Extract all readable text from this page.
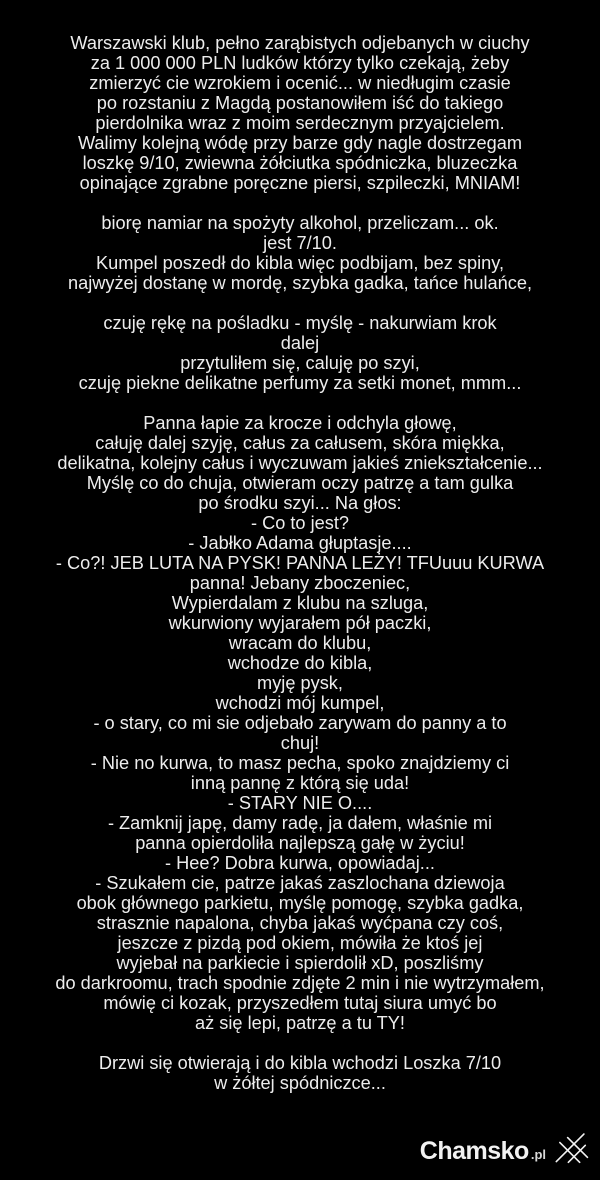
Warszawski klub, pełno zarąbistych odjebanych w ciuchy
za 1 000 000 PLN ludków którzy tylko czekają, żeby
zmierzyć cie wzrokiem i ocenić... w niedługim czasie
po rozstaniu z Magdą postanowiłem iść do takiego
pierdolnika wraz z moim serdecznym przyajcielem.
Walimy kolejną wódę przy barze gdy nagle dostrzegam
loszkę 9/10, zwiewna żółciutka spódniczka, bluzeczka
opinające zgrabne poręczne piersi, szpileczki, MNIAM!
biorę namiar na spożyty alkohol, przeliczam... ok.
jest 7/10.
Kumpel poszedł do kibla więc podbijam, bez spiny,
najwyżej dostanę w mordę, szybka gadka, tańce hulańce,
czuję rękę na pośladku - myślę - nakurwiam krok
dalej
przytuliłem się, caluję po szyi,
czuję piekne delikatne perfumy za setki monet, mmm...
Panna łapie za krocze i odchyla głowę,
całuję dalej szyję, całus za całusem, skóra miękka,
delikatna, kolejny całus i wyczuwam jakieś zniekształcenie...
Myślę co do chuja, otwieram oczy patrzę a tam gulka
po środku szyi... Na głos:
- Co to jest?
- Jabłko Adama głuptasje....
- Co?! JEB LUTA NA PYSK! PANNA LEŻY! TFUuuu KURWA
panna! Jebany zboczeniec,
Wypierdalam z klubu na szluga,
wkurwiony wyjarałem pół paczki,
wracam do klubu,
wchodze do kibla,
myję pysk,
wchodzi mój kumpel,
- o stary, co mi sie odjebało zarywam do panny a to
chuj!
- Nie no kurwa, to masz pecha, spoko znajdziemy ci
inną pannę z którą się uda!
- STARY NIE O....
- Zamknij japę, damy radę, ja dałem, właśnie mi
panna opierdoliła najlepszą gałę w życiu!
- Hee? Dobra kurwa, opowiadaj...
- Szukałem cie, patrze jakaś zaszlochana dziewoja
obok głównego parkietu, myślę pomogę, szybka gadka,
strasznie napalona, chyba jakaś wyćpana czy coś,
jeszcze z pizdą pod okiem, mówiła że ktoś jej
wyjebał na parkiecie i spierdolił xD, poszliśmy
do darkroomu, trach spodnie zdjęte 2 min i nie wytrzymałem,
mówię ci kozak, przyszedłem tutaj siura umyć bo
aż się lepi, patrzę a tu TY!
Drzwi się otwierają i do kibla wchodzi Loszka 7/10
w żółtej spódniczce...
Chamsko .pl
